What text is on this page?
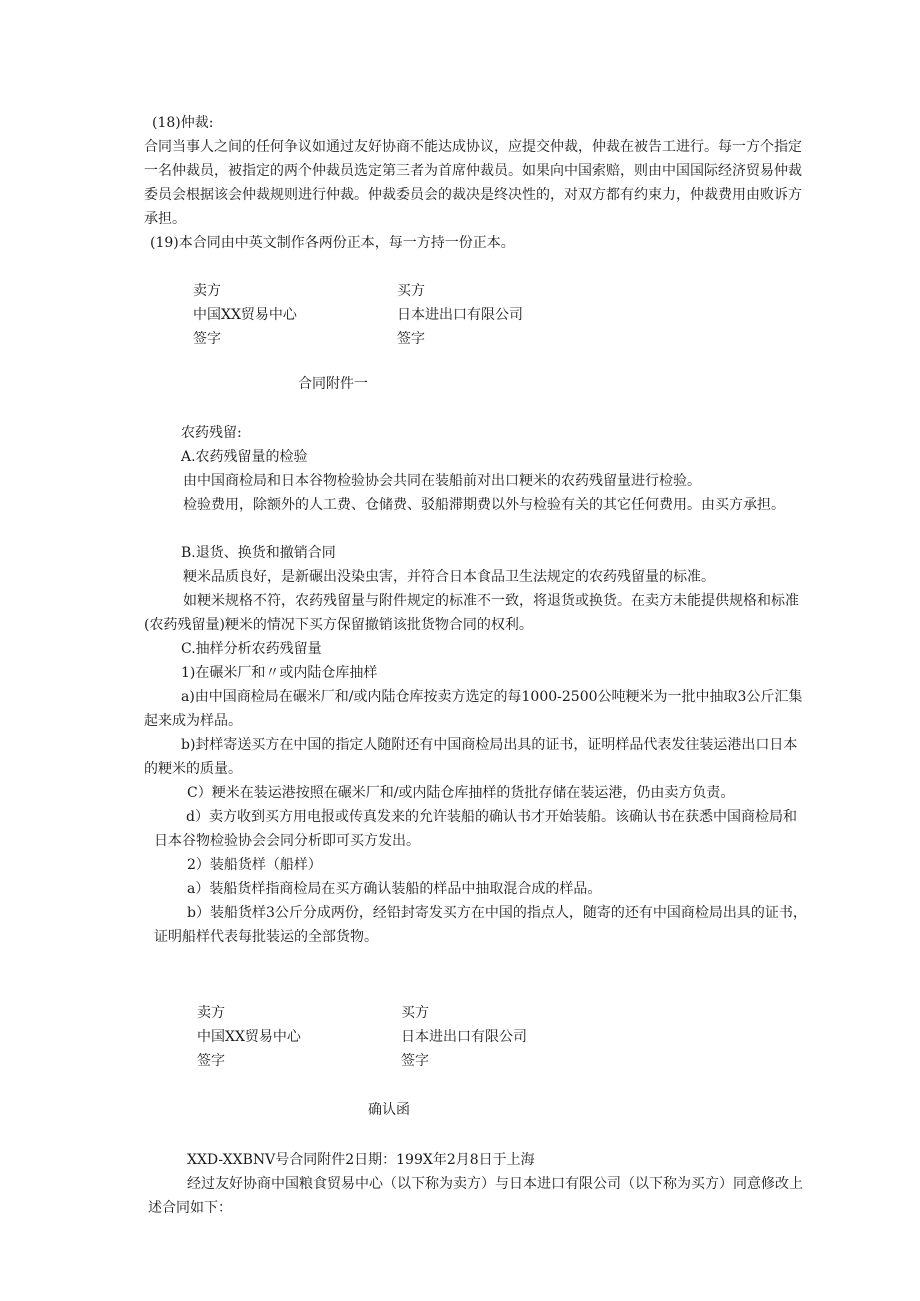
(18)仲裁:

合同当事人之间的任何争议如通过友好协商不能达成协议，应提交仲裁，仲裁在被告工进行。每一方个指定一名仲裁员，被指定的两个仲裁员选定第三者为首席仲裁员。如果向中国索赔，则由中国国际经济贸易仲裁委员会根据该会仲裁规则进行仲裁。仲裁委员会的裁决是终决性的，对双方都有约束力，仲裁费用由败诉方承担。

(19)本合同由中英文制作各两份正本，每一方持一份正本。

卖方

中国XX贸易中心

签字

买方

日本进出口有限公司

签字

合同附件一

农药残留:

A.农药残留量的检验

由中国商检局和日本谷物检验协会共同在装船前对出口粳米的农药残留量进行检验。

检验费用，除额外的人工费、仓储费、驳船滞期费以外与检验有关的其它任何费用。由买方承担。

B.退货、换货和撤销合同

粳米品质良好，是新碾出没染虫害，并符合日本食品卫生法规定的农药残留量的标准。

如粳米规格不符，农药残留量与附件规定的标准不一致，将退货或换货。在卖方未能提供规格和标准(农药残留量)粳米的情况下买方保留撤销该批货物合同的权利。

C.抽样分析农药残留量

1)在碾米厂和〃或内陆仓库抽样

a)由中国商检局在碾米厂和/或内陆仓库按卖方选定的每1000-2500公吨粳米为一批中抽取3公斤汇集起来成为样品。

b)封样寄送买方在中国的指定人随附还有中国商检局出具的证书，证明样品代表发往装运港出口日本的粳米的质量。

C）粳米在装运港按照在碾米厂和/或内陆仓库抽样的货批存储在装运港，仍由卖方负责。

d）卖方收到买方用电报或传真发来的允许装船的确认书才开始装船。该确认书在获悉中国商检局和日本谷物检验协会会同分析即可买方发出。

2）装船货样（船样）

a）装船货样指商检局在买方确认装船的样品中抽取混合成的样品。

b）装船货样3公斤分成两份，经铅封寄发买方在中国的指点人，随寄的还有中国商检局出具的证书，证明船样代表每批装运的全部货物。

卖方

中国XX贸易中心

签字

买方

日本进出口有限公司

签字

确认函

XXD-XXBNV号合同附件2日期：199X年2月8日于上海

经过友好协商中国粮食贸易中心（以下称为卖方）与日本进口有限公司（以下称为买方）同意修改上述合同如下：
